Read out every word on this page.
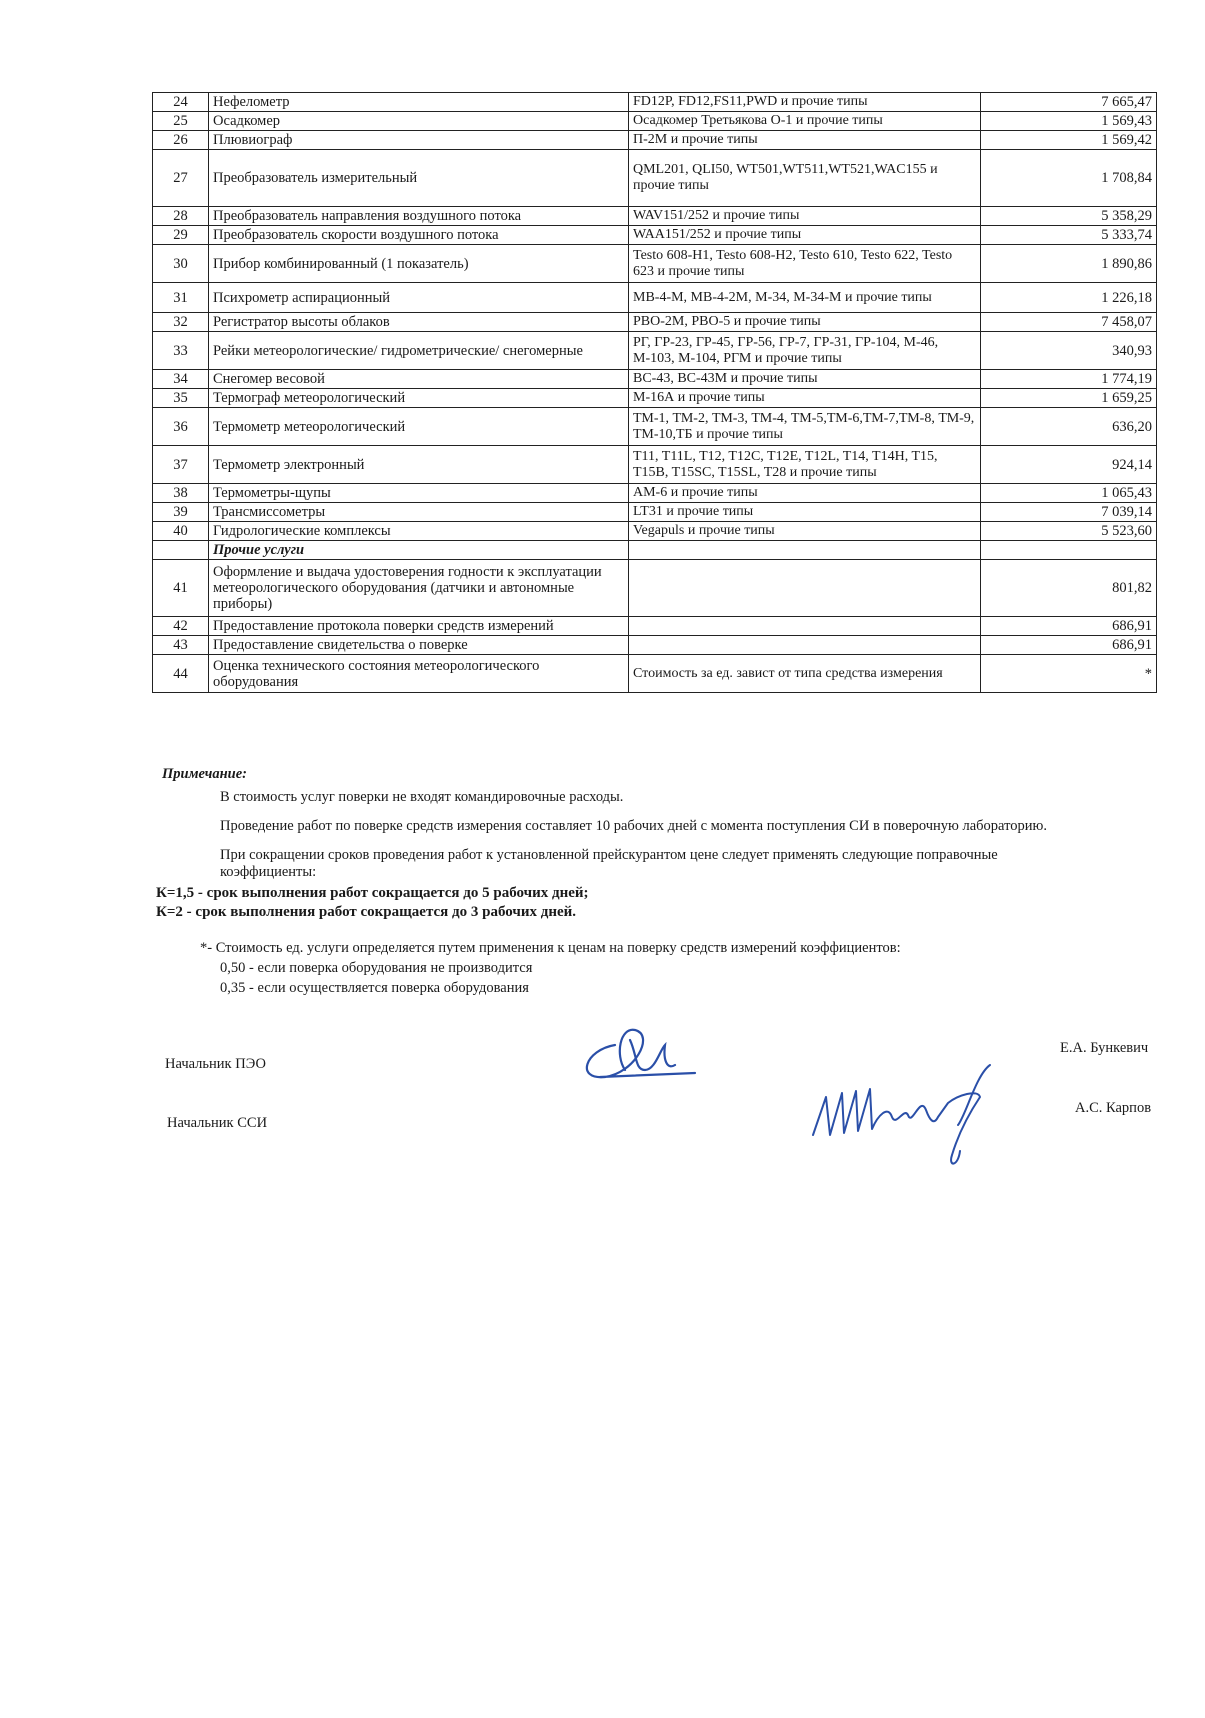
24	Нефелометр	FD12P, FD12,FS11,PWD и прочие типы	7 665,47
25	Осадкомер	Осадкомер Третьякова О-1 и прочие типы	1 569,43
26	Плювиограф	П-2М и прочие типы	1 569,42
27	Преобразователь измерительный	QML201, QLI50, WT501,WT511,WT521,WAC155 и прочие типы	1 708,84
28	Преобразователь направления воздушного потока	WAV151/252 и прочие типы	5 358,29
29	Преобразователь скорости воздушного потока	WAA151/252 и прочие типы	5 333,74
30	Прибор комбинированный (1 показатель)	Testo 608-H1, Testo 608-H2, Testo 610, Testo 622, Testo 623 и прочие типы	1 890,86
31	Психрометр аспирационный	МВ-4-М, МВ-4-2М, М-34, М-34-М и прочие типы	1 226,18
32	Регистратор высоты облаков	РВО-2М, РВО-5 и прочие типы	7 458,07
33	Рейки метеорологические/ гидрометрические/ снегомерные	РГ, ГР-23, ГР-45, ГР-56, ГР-7, ГР-31, ГР-104, М-46, М-103, М-104, РГМ и прочие типы	340,93
34	Снегомер весовой	ВС-43, ВС-43М и прочие типы	1 774,19
35	Термограф метеорологический	М-16А и прочие типы	1 659,25
36	Термометр метеорологический	ТМ-1, ТМ-2, ТМ-3, ТМ-4, ТМ-5,ТМ-6,ТМ-7,ТМ-8, ТМ-9, ТМ-10,ТБ и прочие типы	636,20
37	Термометр электронный	T11, T11L, T12, T12C, T12E, T12L, T14, T14H, T15, T15B, T15SC, T15SL, T28 и прочие типы	924,14
38	Термометры-щупы	АМ-6 и прочие типы	1 065,43
39	Трансмиссометры	LT31 и прочие типы	7 039,14
40	Гидрологические комплексы	Vegapuls и прочие типы	5 523,60
	Прочие услуги		
41	Оформление и выдача удостоверения годности к эксплуатации метеорологического оборудования (датчики и автономные приборы)		801,82
42	Предоставление протокола поверки средств измерений		686,91
43	Предоставление свидетельства о поверке		686,91
44	Оценка технического состояния метеорологического оборудования	Стоимость за ед. завист от типа средства измерения	*
Примечание:
В стоимость услуг поверки не входят командировочные расходы.
Проведение работ по поверке средств измерения составляет 10 рабочих дней с момента поступления СИ в поверочную лабораторию.
При сокращении сроков проведения работ к установленной прейскурантом цене следует применять следующие поправочные коэффициенты:
К=1,5 - срок выполнения работ сокращается до 5 рабочих дней;
К=2 - срок выполнения работ сокращается до 3 рабочих дней.
*- Стоимость ед. услуги определяется путем применения к ценам на поверку средств измерений коэффициентов:
0,50 - если поверка оборудования не производится
0,35 - если осуществляется поверка оборудования
Начальник ПЭО
Е.А. Бункевич
Начальник ССИ
А.С. Карпов
